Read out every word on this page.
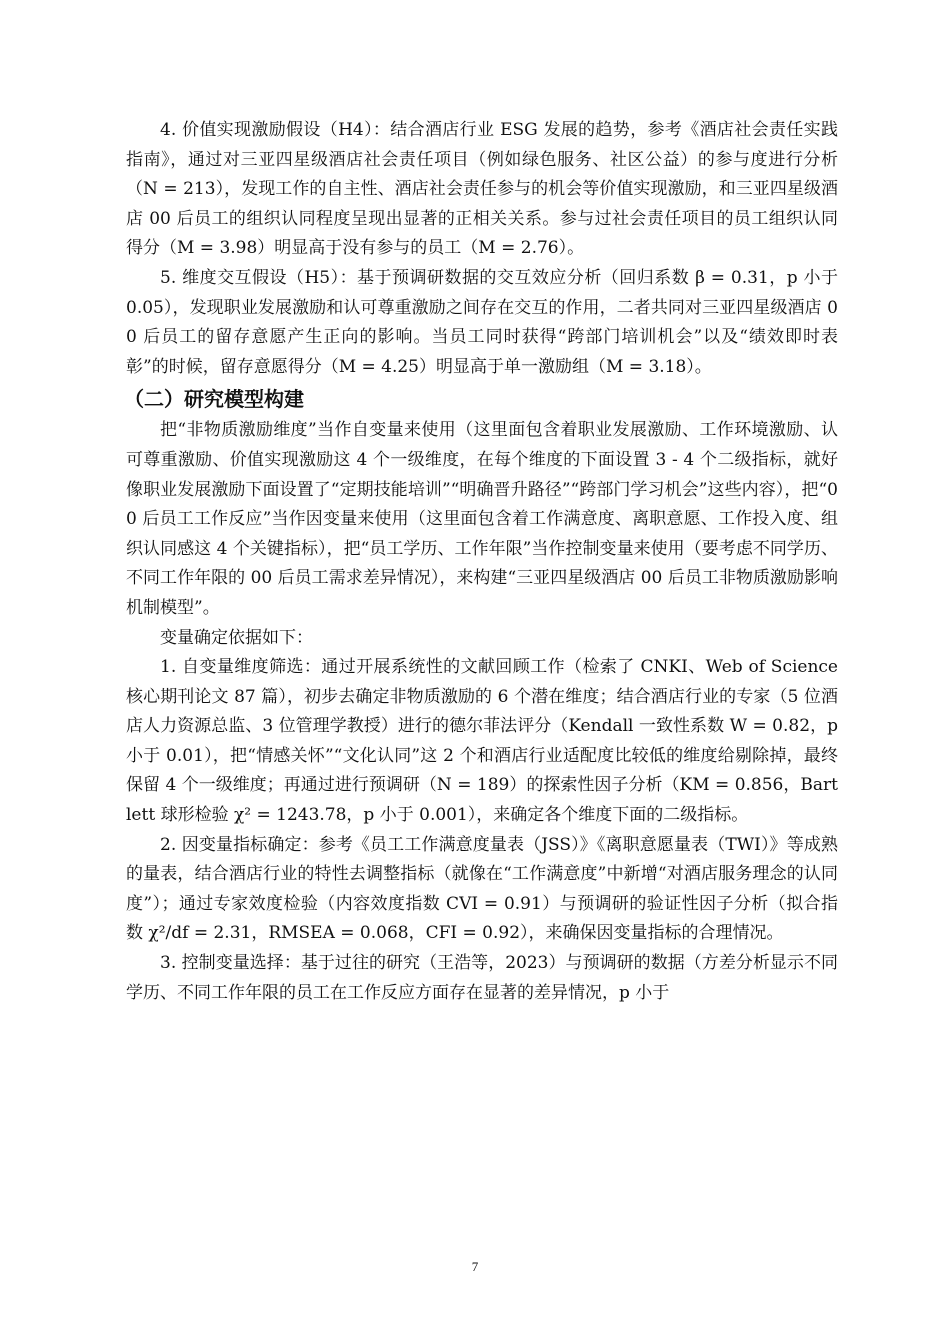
4. 价值实现激励假设（H4）：结合酒店行业 ESG 发展的趋势，参考《酒店社会责任实践指南》，通过对三亚四星级酒店社会责任项目（例如绿色服务、社区公益）的参与度进行分析（N = 213），发现工作的自主性、酒店社会责任参与的机会等价值实现激励，和三亚四星级酒店 00 后员工的组织认同程度呈现出显著的正相关关系。参与过社会责任项目的员工组织认同得分（M = 3.98）明显高于没有参与的员工（M = 2.76）。

5. 维度交互假设（H5）：基于预调研数据的交互效应分析（回归系数 β = 0.31，p 小于 0.05），发现职业发展激励和认可尊重激励之间存在交互的作用，二者共同对三亚四星级酒店 00 后员工的留存意愿产生正向的影响。当员工同时获得“跨部门培训机会”以及“绩效即时表彰”的时候，留存意愿得分（M = 4.25）明显高于单一激励组（M = 3.18）。

（二）研究模型构建

把“非物质激励维度”当作自变量来使用（这里面包含着职业发展激励、工作环境激励、认可尊重激励、价值实现激励这 4 个一级维度，在每个维度的下面设置 3 - 4 个二级指标，就好像职业发展激励下面设置了“定期技能培训”“明确晋升路径”“跨部门学习机会”这些内容），把“00 后员工工作反应”当作因变量来使用（这里面包含着工作满意度、离职意愿、工作投入度、组织认同感这 4 个关键指标），把“员工学历、工作年限”当作控制变量来使用（要考虑不同学历、不同工作年限的 00 后员工需求差异情况），来构建“三亚四星级酒店 00 后员工非物质激励影响机制模型”。

变量确定依据如下：

1. 自变量维度筛选：通过开展系统性的文献回顾工作（检索了 CNKI、Web of Science 核心期刊论文 87 篇），初步去确定非物质激励的 6 个潜在维度；结合酒店行业的专家（5 位酒店人力资源总监、3 位管理学教授）进行的德尔菲法评分（Kendall 一致性系数 W = 0.82，p 小于 0.01），把“情感关怀”“文化认同”这 2 个和酒店行业适配度比较低的维度给剔除掉，最终保留 4 个一级维度；再通过进行预调研（N = 189）的探索性因子分析（KM = 0.856，Bartlett 球形检验 χ² = 1243.78，p 小于 0.001），来确定各个维度下面的二级指标。

2. 因变量指标确定：参考《员工工作满意度量表（JSS）》《离职意愿量表（TWI）》等成熟的量表，结合酒店行业的特性去调整指标（就像在“工作满意度”中新增“对酒店服务理念的认同度”）；通过专家效度检验（内容效度指数 CVI = 0.91）与预调研的验证性因子分析（拟合指数 χ²/df = 2.31，RMSEA = 0.068，CFI = 0.92），来确保因变量指标的合理情况。

3. 控制变量选择：基于过往的研究（王浩等，2023）与预调研的数据（方差分析显示不同学历、不同工作年限的员工在工作反应方面存在显著的差异情况，p 小于

7
